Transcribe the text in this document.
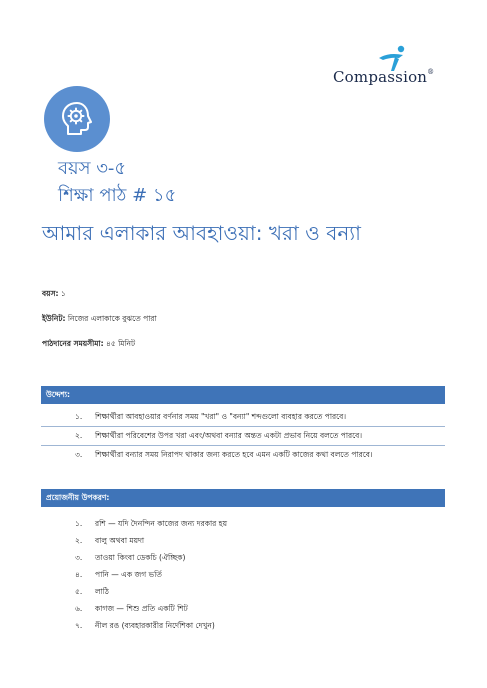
Compassion®
বয়স ৩-৫
শিক্ষা পাঠ # ১৫
আমার এলাকার আবহাওয়া: খরা ও বন্যা
বয়স: ১
ইউনিট: নিজের এলাকাকে বুঝতে পারা
পাঠদানের সময়সীমা: ৪৫ মিনিট
উদ্দেশ্য:
১. শিক্ষার্থীরা আবহাওয়ার বর্ণনার সময় "খরা" ও "বন্যা" শব্দগুলো ব্যবহার করতে পারবে।
২. শিক্ষার্থীরা পরিবেশের উপর খরা এবং/অথবা বন্যার অন্তত একটা প্রভাব নিয়ে বলতে পারবে।
৩. শিক্ষার্থীরা বন্যার সময় নিরাপদ থাকার জন্য করতে হবে এমন একটি কাজের কথা বলতে পারবে।
প্রয়োজনীয় উপকরণ:
১. রশি — যদি দৈনন্দিন কাজের জন্য দরকার হয়
২. বালু অথবা ময়দা
৩. তাওয়া কিংবা ডেকচি (ঐচ্ছিক)
৪. পানি — এক জগ ভর্তি
৫. লাঠি
৬. কাগজ — শিশু প্রতি একটি শিট
৭. নীল রঙ (ব্যবহারকারীর নির্দেশিকা দেখুন)
